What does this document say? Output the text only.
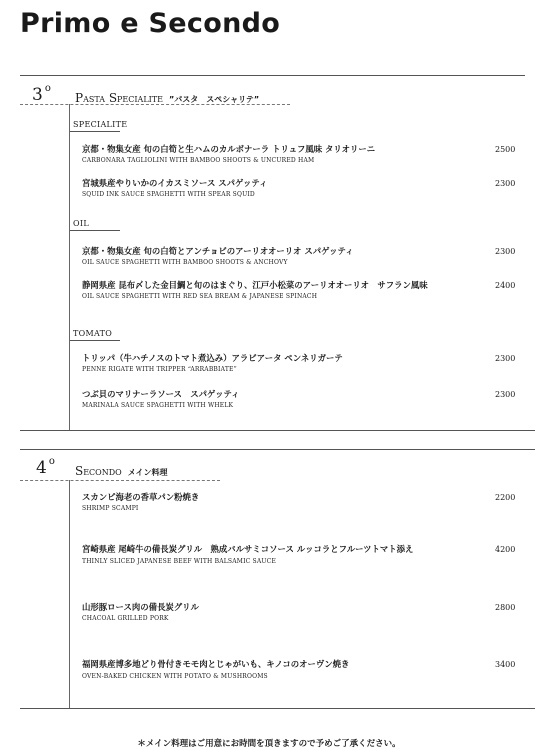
Primo e Secondo
3 $^o$
Pasta Specialite ”パスタ　スペシャリテ”
SPECIALITE
京都・物集女産 旬の白筍と生ハムのカルボナーラ トリュフ風味 タリオリーニ
CARBONARA TAGLIOLINI WITH BAMBOO SHOOTS & UNCURED HAM
2500
宮城県産やりいかのイカスミソース スパゲッティ
SQUID INK SAUCE SPAGHETTI WITH SPEAR SQUID
2300
OIL
京都・物集女産 旬の白筍とアンチョビのアーリオオーリオ スパゲッティ
OIL SAUCE SPAGHETTI WITH BAMBOO SHOOTS & ANCHOVY
2300
静岡県産 昆布〆した金目鯛と旬のはまぐり、江戸小松菜のアーリオオーリオ　サフラン風味
OIL SAUCE SPAGHETTI WITH RED SEA BREAM & JAPANESE SPINACH
2400
TOMATO
トリッパ（牛ハチノスのトマト煮込み）アラビアータ ペンネリガーテ
PENNE RIGATE WITH TRIPPER “ARRABBIATE”
2300
つぶ貝のマリナーラソース　スパゲッティ
MARINALA SAUCE SPAGHETTI WITH WHELK
2300
4 $^o$
Secondo メイン料理
スカンピ海老の香草パン粉焼き
SHRIMP SCAMPI
2200
宮崎県産 尾崎牛の備長炭グリル　熟成バルサミコソース ルッコラとフルーツトマト添え
THINLY SLICED JAPANESE BEEF WITH BALSAMIC SAUCE
4200
山形豚ロース肉の備長炭グリル
CHACOAL GRILLED PORK
2800
福岡県産博多地どり骨付きモモ肉とじゃがいも、キノコのオーヴン焼き
OVEN-BAKED CHICKEN WITH POTATO & MUSHROOMS
3400
＊メイン料理はご用意にお時間を頂きますので予めご了承ください。
